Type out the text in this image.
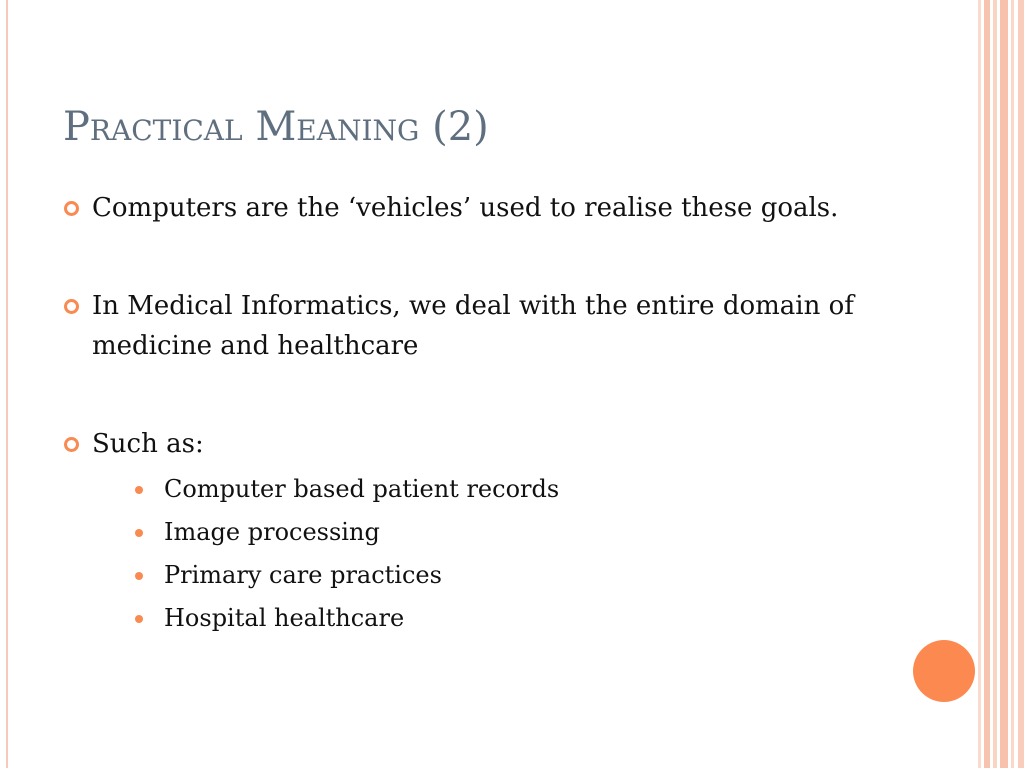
Practical Meaning (2)
Computers are the ‘vehicles’ used to realise these goals.
In Medical Informatics, we deal with the entire domain of medicine and healthcare
Such as:
Computer based patient records
Image processing
Primary care practices
Hospital healthcare
